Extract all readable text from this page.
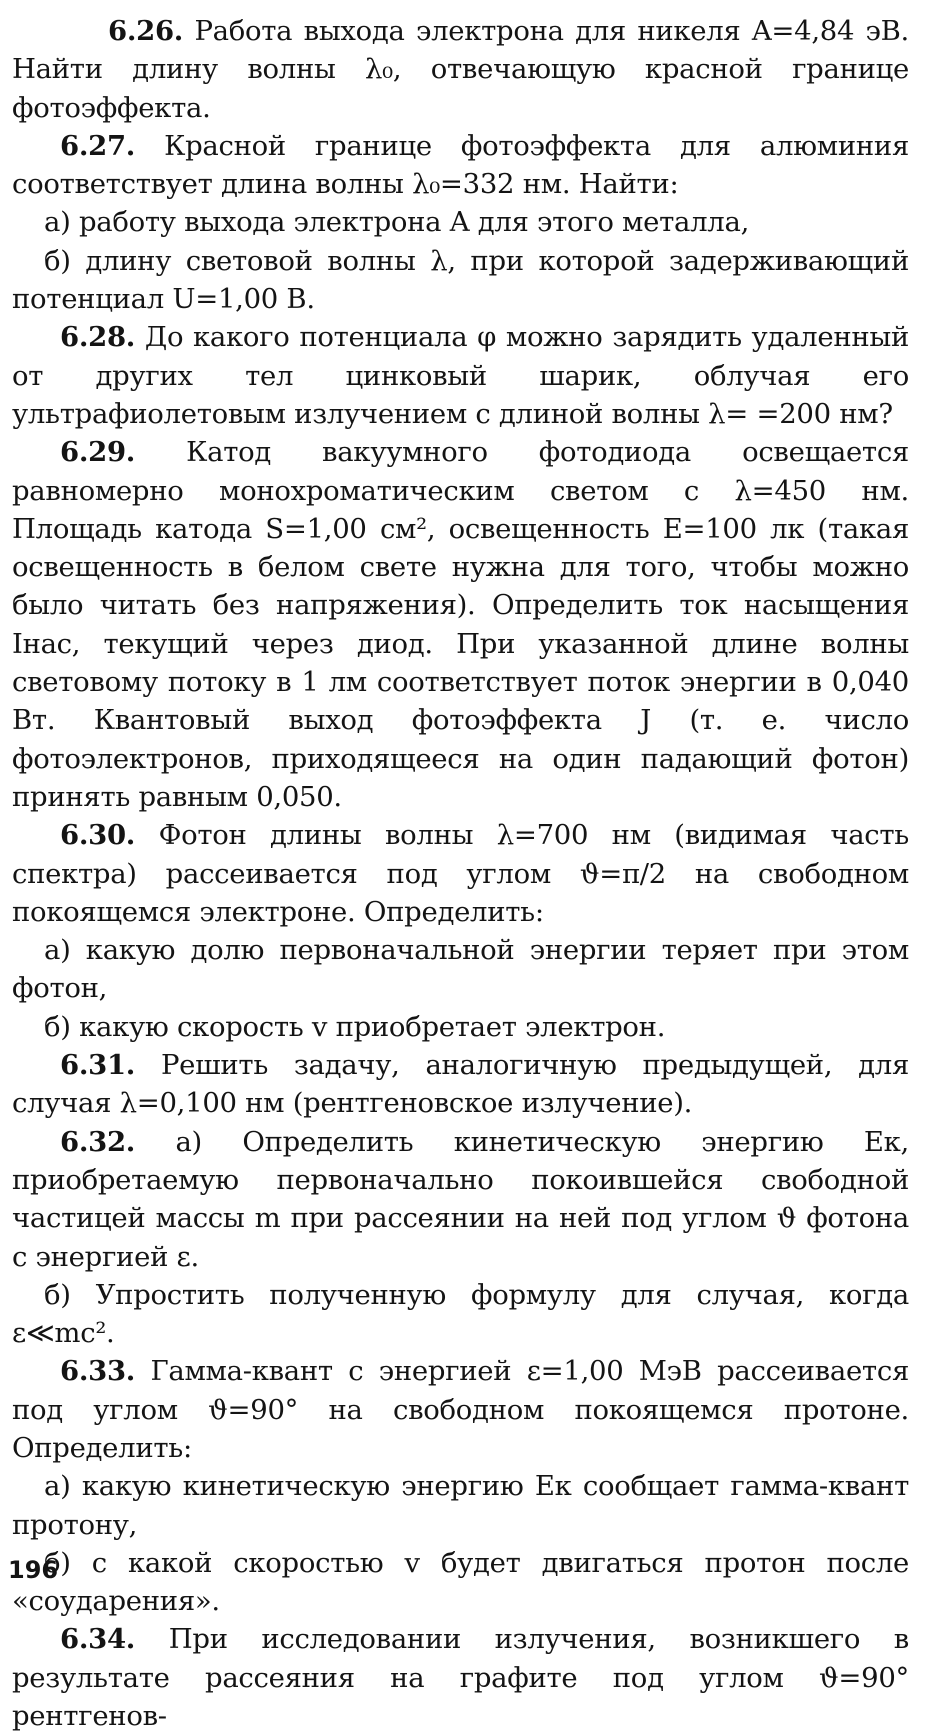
6.26. Работа выхода электрона для никеля A=4,84 эВ. Найти длину волны λ₀, отвечающую красной границе фотоэффекта.

6.27. Красной границе фотоэффекта для алюминия соответствует длина волны λ₀=332 нм. Найти:

а) работу выхода электрона A для этого металла,

б) длину световой волны λ, при которой задерживающий потенциал U=1,00 В.

6.28. До какого потенциала φ можно зарядить удаленный от других тел цинковый шарик, облучая его ультрафиолетовым излучением с длиной волны λ= =200 нм?

6.29. Катод вакуумного фотодиода освещается равномерно монохроматическим светом с λ=450 нм. Площадь катода S=1,00 см², освещенность E=100 лк (такая освещенность в белом свете нужна для того, чтобы можно было читать без напряжения). Определить ток насыщения Iнас, текущий через диод. При указанной длине волны световому потоку в 1 лм соответствует поток энергии в 0,040 Вт. Квантовый выход фотоэффекта J (т. е. число фотоэлектронов, приходящееся на один падающий фотон) принять равным 0,050.

6.30. Фотон длины волны λ=700 нм (видимая часть спектра) рассеивается под углом ϑ=π/2 на свободном покоящемся электроне. Определить:

а) какую долю первоначальной энергии теряет при этом фотон,

б) какую скорость v приобретает электрон.

6.31. Решить задачу, аналогичную предыдущей, для случая λ=0,100 нм (рентгеновское излучение).

6.32. а) Определить кинетическую энергию Eк, приобретаемую первоначально покоившейся свободной частицей массы m при рассеянии на ней под углом ϑ фотона с энергией ε.

б) Упростить полученную формулу для случая, когда ε≪mc².

6.33. Гамма-квант с энергией ε=1,00 МэВ рассеивается под углом ϑ=90° на свободном покоящемся протоне. Определить:

а) какую кинетическую энергию Eк сообщает гамма-квант протону,

б) с какой скоростью v будет двигаться протон после «соударения».

6.34. При исследовании излучения, возникшего в результате рассеяния на графите под углом ϑ=90° рентгенов-

196
